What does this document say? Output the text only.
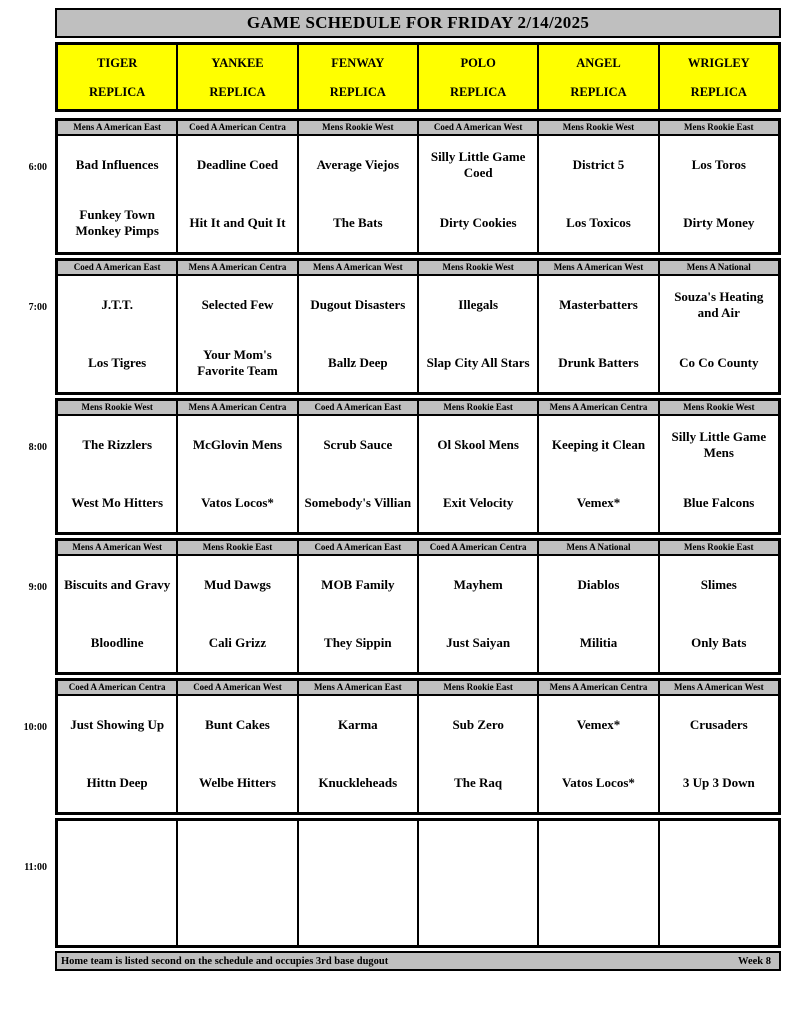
GAME SCHEDULE FOR FRIDAY 2/14/2025
TIGER
REPLICA
YANKEE
REPLICA
FENWAY
REPLICA
POLO
REPLICA
ANGEL
REPLICA
WRIGLEY
REPLICA
6:00
Mens A American East
Bad Influences
Funkey Town Monkey Pimps
Coed A American Centra
Deadline Coed
Hit It and Quit It
Mens Rookie West
Average Viejos
The Bats
Coed A American West
Silly Little Game Coed
Dirty Cookies
Mens Rookie West
District 5
Los Toxicos
Mens Rookie East
Los Toros
Dirty Money
7:00
Coed A American East
J.T.T.
Los Tigres
Mens A American Centra
Selected Few
Your Mom's Favorite Team
Mens A American West
Dugout Disasters
Ballz Deep
Mens Rookie West
Illegals
Slap City All Stars
Mens A American West
Masterbatters
Drunk Batters
Mens A National
Souza's Heating and Air
Co Co County
8:00
Mens Rookie West
The Rizzlers
West Mo Hitters
Mens A American Centra
McGlovin Mens
Vatos Locos*
Coed A American East
Scrub Sauce
Somebody's Villian
Mens Rookie East
Ol Skool Mens
Exit Velocity
Mens A American Centra
Keeping it Clean
Vemex*
Mens Rookie West
Silly Little Game Mens
Blue Falcons
9:00
Mens A American West
Biscuits and Gravy
Bloodline
Mens Rookie East
Mud Dawgs
Cali Grizz
Coed A American East
MOB Family
They Sippin
Coed A American Centra
Mayhem
Just Saiyan
Mens A National
Diablos
Militia
Mens Rookie East
Slimes
Only Bats
10:00
Coed A American Centra
Just Showing Up
Hittn Deep
Coed A American West
Bunt Cakes
Welbe Hitters
Mens A American East
Karma
Knuckleheads
Mens Rookie East
Sub Zero
The Raq
Mens A American Centra
Vemex*
Vatos Locos*
Mens A American West
Crusaders
3 Up 3 Down
11:00
Home team is listed second on the schedule and occupies 3rd base dugout	Week 8
